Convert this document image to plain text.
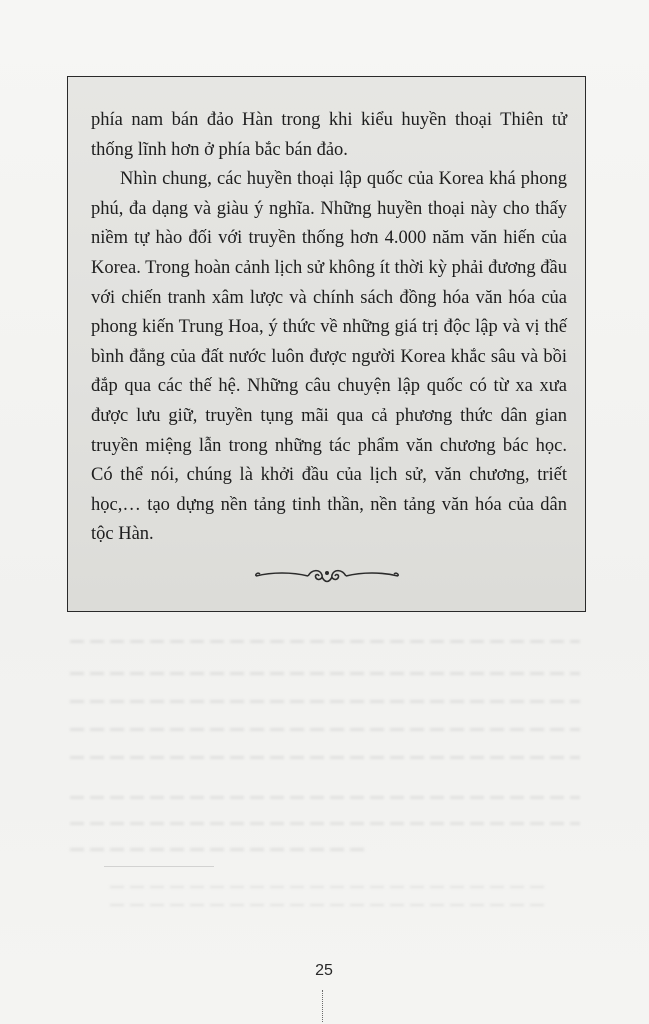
phía nam bán đảo Hàn trong khi kiểu huyền thoại Thiên tử thống lĩnh hơn ở phía bắc bán đảo.

Nhìn chung, các huyền thoại lập quốc của Korea khá phong phú, đa dạng và giàu ý nghĩa. Những huyền thoại này cho thấy niềm tự hào đối với truyền thống hơn 4.000 năm văn hiến của Korea. Trong hoàn cảnh lịch sử không ít thời kỳ phải đương đầu với chiến tranh xâm lược và chính sách đồng hóa văn hóa của phong kiến Trung Hoa, ý thức về những giá trị độc lập và vị thế bình đẳng của đất nước luôn được người Korea khắc sâu và bồi đắp qua các thế hệ. Những câu chuyện lập quốc có từ xa xưa được lưu giữ, truyền tụng mãi qua cả phương thức dân gian truyền miệng lẫn trong những tác phẩm văn chương bác học. Có thể nói, chúng là khởi đầu của lịch sử, văn chương, triết học,… tạo dựng nền tảng tinh thần, nền tảng văn hóa của dân tộc Hàn.

25
